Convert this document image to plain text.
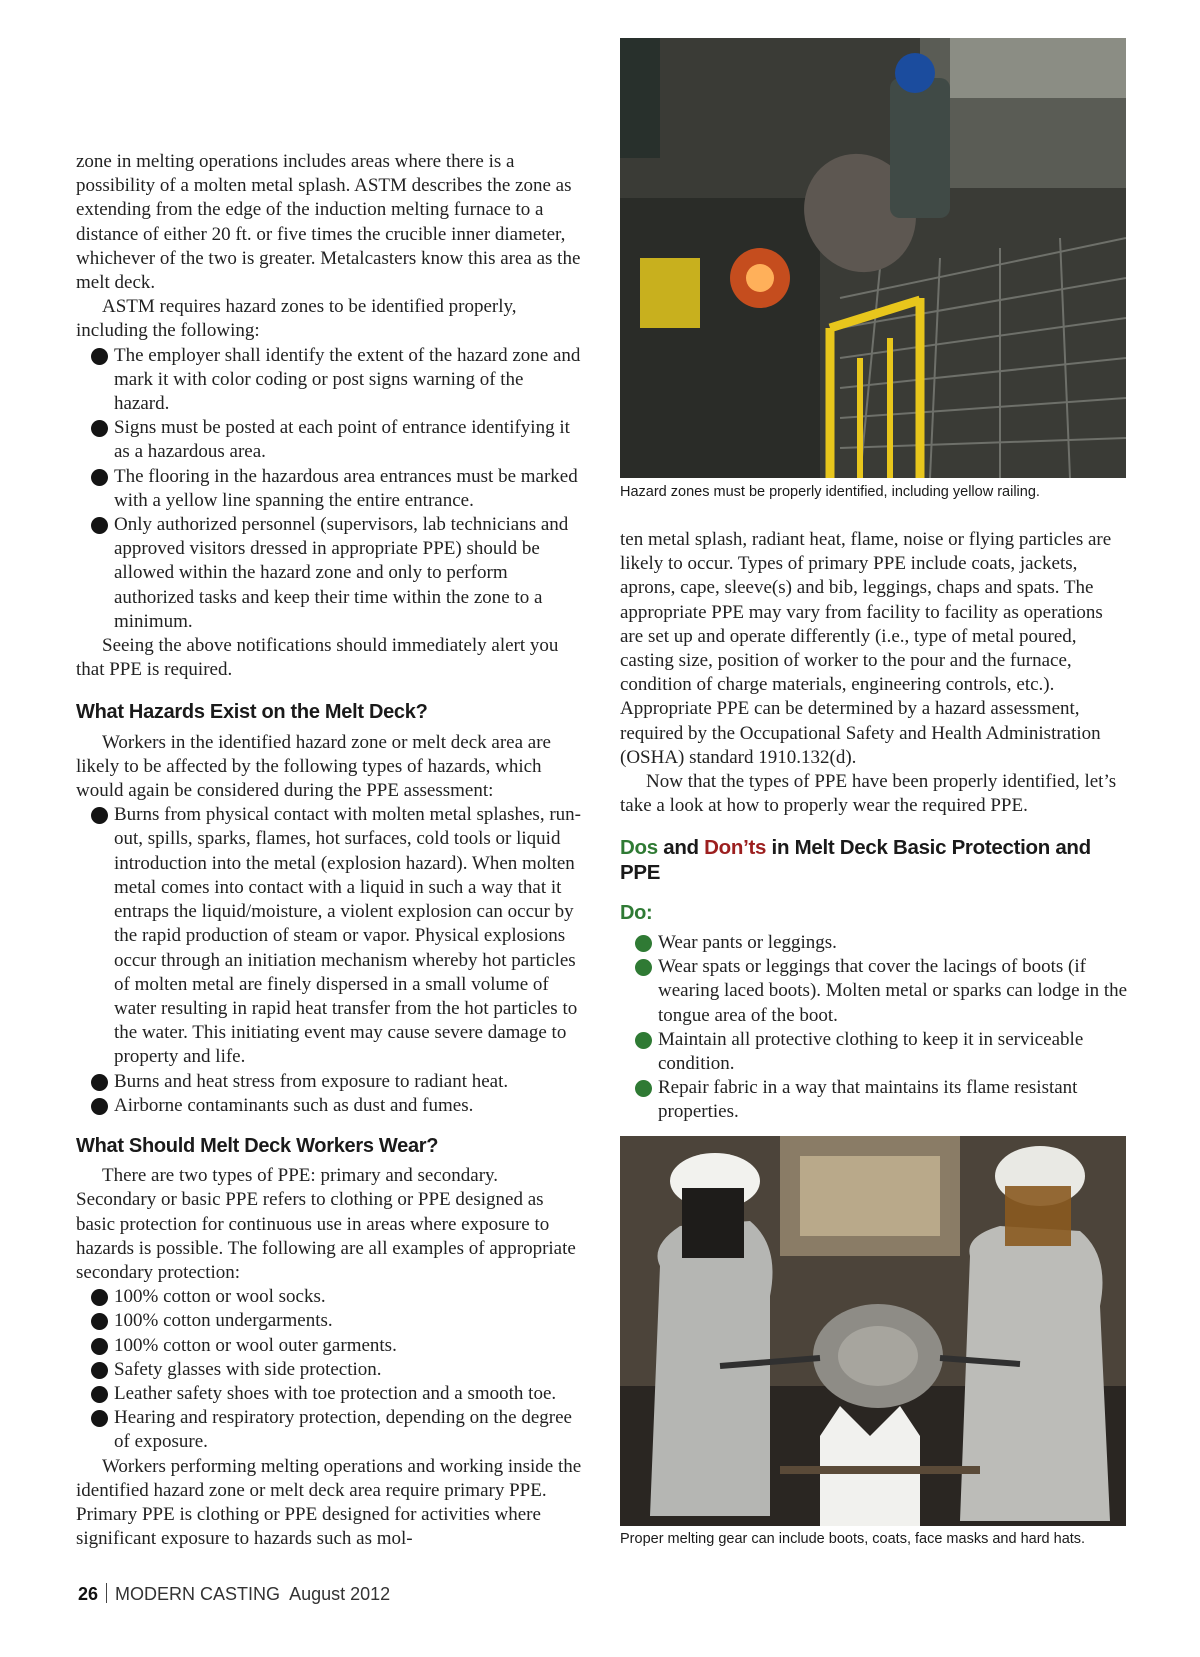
zone in melting operations includes areas where there is a possibility of a molten metal splash. ASTM describes the zone as extending from the edge of the induction melting furnace to a distance of either 20 ft. or five times the crucible inner diameter, whichever of the two is greater. Metalcasters know this area as the melt deck.

ASTM requires hazard zones to be identified properly, including the following:

The employer shall identify the extent of the hazard zone and mark it with color coding or post signs warning of the hazard.
Signs must be posted at each point of entrance identifying it as a hazardous area.
The flooring in the hazardous area entrances must be marked with a yellow line spanning the entire entrance.
Only authorized personnel (supervisors, lab technicians and approved visitors dressed in appropriate PPE) should be allowed within the hazard zone and only to perform authorized tasks and keep their time within the zone to a minimum.

Seeing the above notifications should immediately alert you that PPE is required.

What Hazards Exist on the Melt Deck?

Workers in the identified hazard zone or melt deck area are likely to be affected by the following types of hazards, which would again be considered during the PPE assessment:

Burns from physical contact with molten metal splashes, run-out, spills, sparks, flames, hot surfaces, cold tools or liquid introduction into the metal (explosion hazard). When molten metal comes into contact with a liquid in such a way that it entraps the liquid/moisture, a violent explosion can occur by the rapid production of steam or vapor. Physical explosions occur through an initiation mechanism whereby hot particles of molten metal are finely dispersed in a small volume of water resulting in rapid heat transfer from the hot particles to the water. This initiating event may cause severe damage to property and life.
Burns and heat stress from exposure to radiant heat.
Airborne contaminants such as dust and fumes.
What Should Melt Deck Workers Wear?

There are two types of PPE: primary and secondary. Secondary or basic PPE refers to clothing or PPE designed as basic protection for continuous use in areas where exposure to hazards is possible. The following are all examples of appropriate secondary protection:

100% cotton or wool socks.
100% cotton undergarments.
100% cotton or wool outer garments.
Safety glasses with side protection.
Leather safety shoes with toe protection and a smooth toe.
Hearing and respiratory protection, depending on the degree of exposure.

Workers performing melting operations and working inside the identified hazard zone or melt deck area require primary PPE. Primary PPE is clothing or PPE designed for activities where significant exposure to hazards such as mol-

Hazard zones must be properly identified, including yellow railing.

ten metal splash, radiant heat, flame, noise or flying particles are likely to occur. Types of primary PPE include coats, jackets, aprons, cape, sleeve(s) and bib, leggings, chaps and spats. The appropriate PPE may vary from facility to facility as operations are set up and operate differently (i.e., type of metal poured, casting size, position of worker to the pour and the furnace, condition of charge materials, engineering controls, etc.). Appropriate PPE can be determined by a hazard assessment, required by the Occupational Safety and Health Administration (OSHA) standard 1910.132(d).

Now that the types of PPE have been properly identified, let’s take a look at how to properly wear the required PPE.

Dos and Don’ts in Melt Deck Basic Protection and PPE
Do:
Wear pants or leggings.
Wear spats or leggings that cover the lacings of boots (if wearing laced boots). Molten metal or sparks can lodge in the tongue area of the boot.
Maintain all protective clothing to keep it in serviceable condition.
Repair fabric in a way that maintains its flame resistant properties.
Proper melting gear can include boots, coats, face masks and hard hats.
26 MODERN CASTING August 2012
